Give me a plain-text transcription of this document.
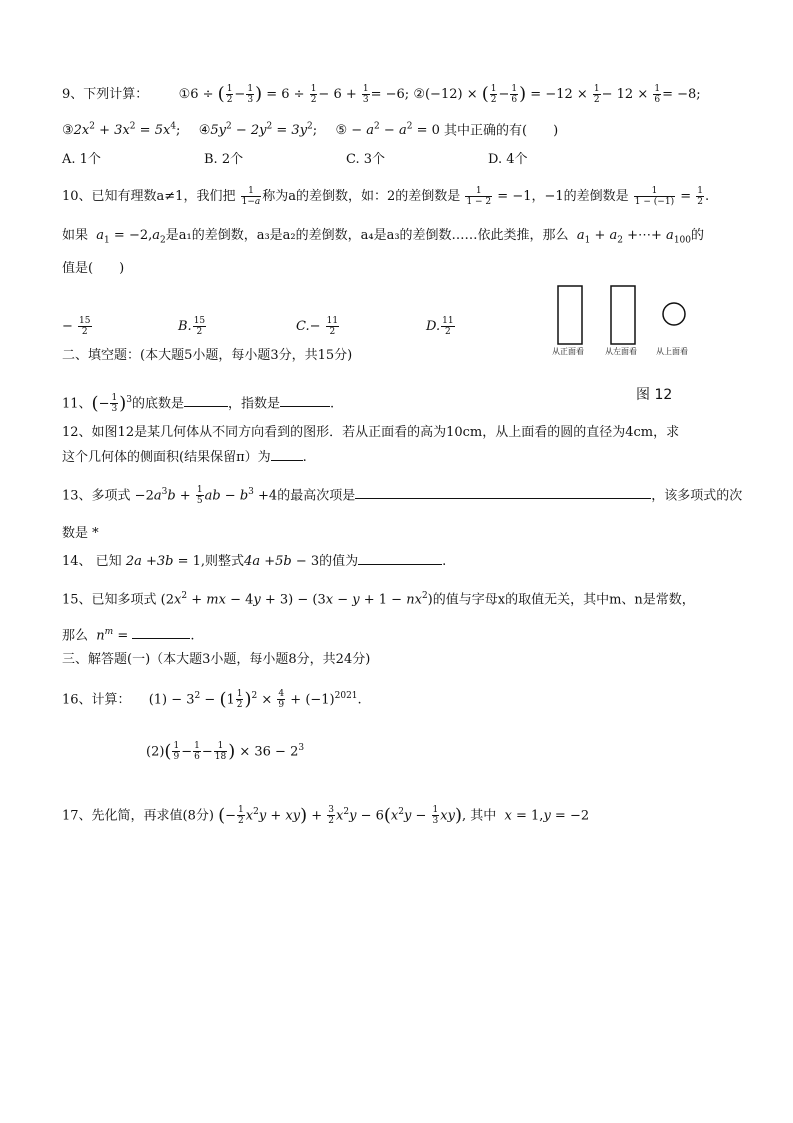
9、下列计算： ①6 ÷ ( $\frac{1}{2} - \frac{1}{3}$ ) = $6 \div \frac{1}{2} - 6 + \frac{1}{3} = -6$; ②(−12) × ( $\frac{1}{2} - \frac{1}{6}$ ) = $-12 \times \frac{1}{2} - 12 \times \frac{1}{6} = -8$;
$③2x^2 + 3x^2 = 5x^4$; $④5y^2 - 2y^2 = 3y^2$; ⑤ − $a^2 - a^2 = 0$ 其中正确的有(　　)
A. 1个	B. 2个	C. 3个	D. 4个
10、已知有理数a≠1，我们把 $\frac{1}{1-a}$ 称为a的差倒数，如：2的差倒数是 $\frac{1}{1 - 2} = -1$，−1的差倒数是 $\frac{1}{1 - (-1)} = \frac{1}{2}$ .
如果 $a_1 = -2,a_2$是a₁的差倒数，a₃是a₂的差倒数，a₄是a₃的差倒数……依此类推，那么 $a_1 + a_2$ +⋯+ $a_{100}$的
值是(　　)
− $\frac{15}{2}$	B. $\frac{15}{2}$	$C.- \frac{11}{2}$	D. $\frac{11}{2}$
从正面看	从左面看 从上面看
图 12
二、填空题：(本大题5小题，每小题3分，共15分)
11、(− $\frac{1}{3} )^3$的底数是	，指数是	.
12、如图12是某几何体从不同方向看到的图形．若从正面看的高为10cm，从上面看的圆的直径为4cm，求
这个几何体的侧面积(结果保留π）为 .
13、多项式 $-2a^3b + \frac{1}{5}$ ab − $b^3 +4$的最高次项是	，该多项式的次
数是 *
14、 已知 2a +3b = 1,则整式4a +5b − 3的值为	.
15、已知多项式 ($2x^2$ + mx − $4y + 3) - (3x - y + 1 - nx^2)$的值与字母x的取值无关，其中m、n是常数，
那么 $n^m$ =	.
三、解答题(一)（本大题3小题，每小题8分，共24分)
16、计算： $(1) - 3^2 - (1 \frac{1}{2} )^2 \times \frac{4}{9} + (-1)^{2021}$.
$(2)( \frac{1}{9} - \frac{1}{6} - \frac{1}{18}$ ) × $36 - 2^3$
17、先化简，再求值(8分) (− $\frac{1}{2} x^2y + xy) + \frac{3}{2} x^2y - 6(x^2y - \frac{1}{3} xy)$, 其中 x = 1,y = −2
